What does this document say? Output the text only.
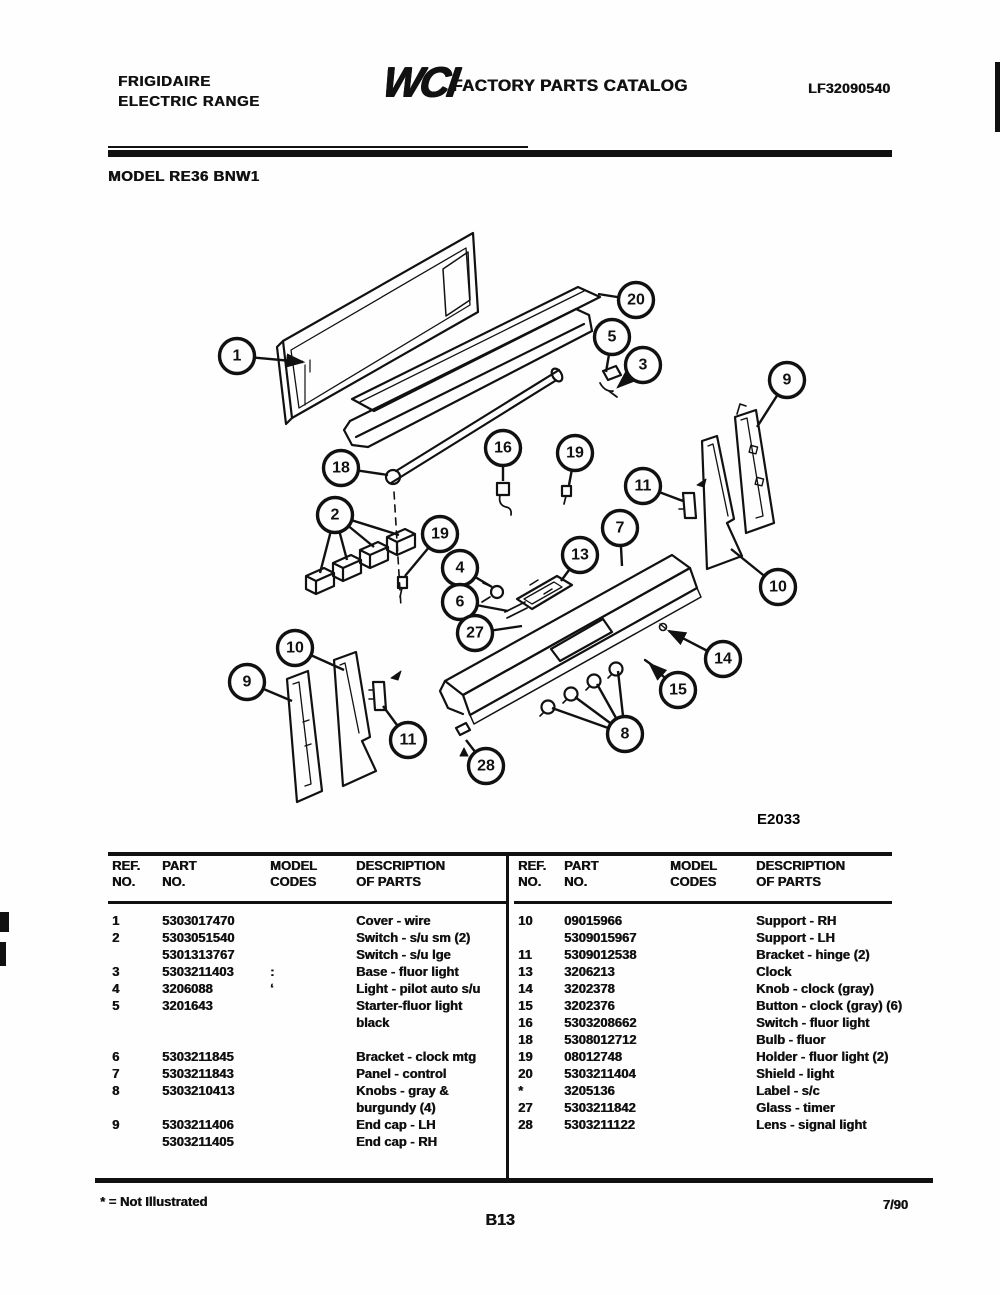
FRIGIDAIRE
ELECTRIC RANGE	WCI
FACTORY PARTS CATALOG	LF32090540
MODEL RE36 BNW1
1
20
5
3
9
16	19
18
11
2
19	7
13
4
6
10
27
14
10
9	15
11	8
28
E2033
REF.
NO.
PART
NO.
MODEL
CODES
DESCRIPTION
OF PARTS
1	5303017470	Cover - wire
2	5303051540	Switch - s/u sm (2)
5301313767	Switch - s/u lge
3	5303211403	:	Base - fluor light
4	3206088	ʻ	Light - pilot auto s/u
5	3201643	Starter-fluor light
black
6	5303211845	Bracket - clock mtg
7	5303211843	Panel - control
8	5303210413	Knobs - gray &
burgundy (4)
9	5303211406	End cap - LH
5303211405	End cap - RH
REF.
NO.
PART
NO.
MODEL
CODES
DESCRIPTION
OF PARTS
10	09015966	Support - RH
5309015967	Support - LH
11	5309012538	Bracket - hinge (2)
13	3206213	Clock
14	3202378	Knob - clock (gray)
15	3202376	Button - clock (gray) (6)
16	5303208662	Switch - fluor light
18	5308012712	Bulb - fluor
19	08012748	Holder - fluor light (2)
20	5303211404	Shield - light
*	3205136	Label - s/c
27	5303211842	Glass - timer
28	5303211122	Lens - signal light
* = Not Illustrated
B13
7/90
